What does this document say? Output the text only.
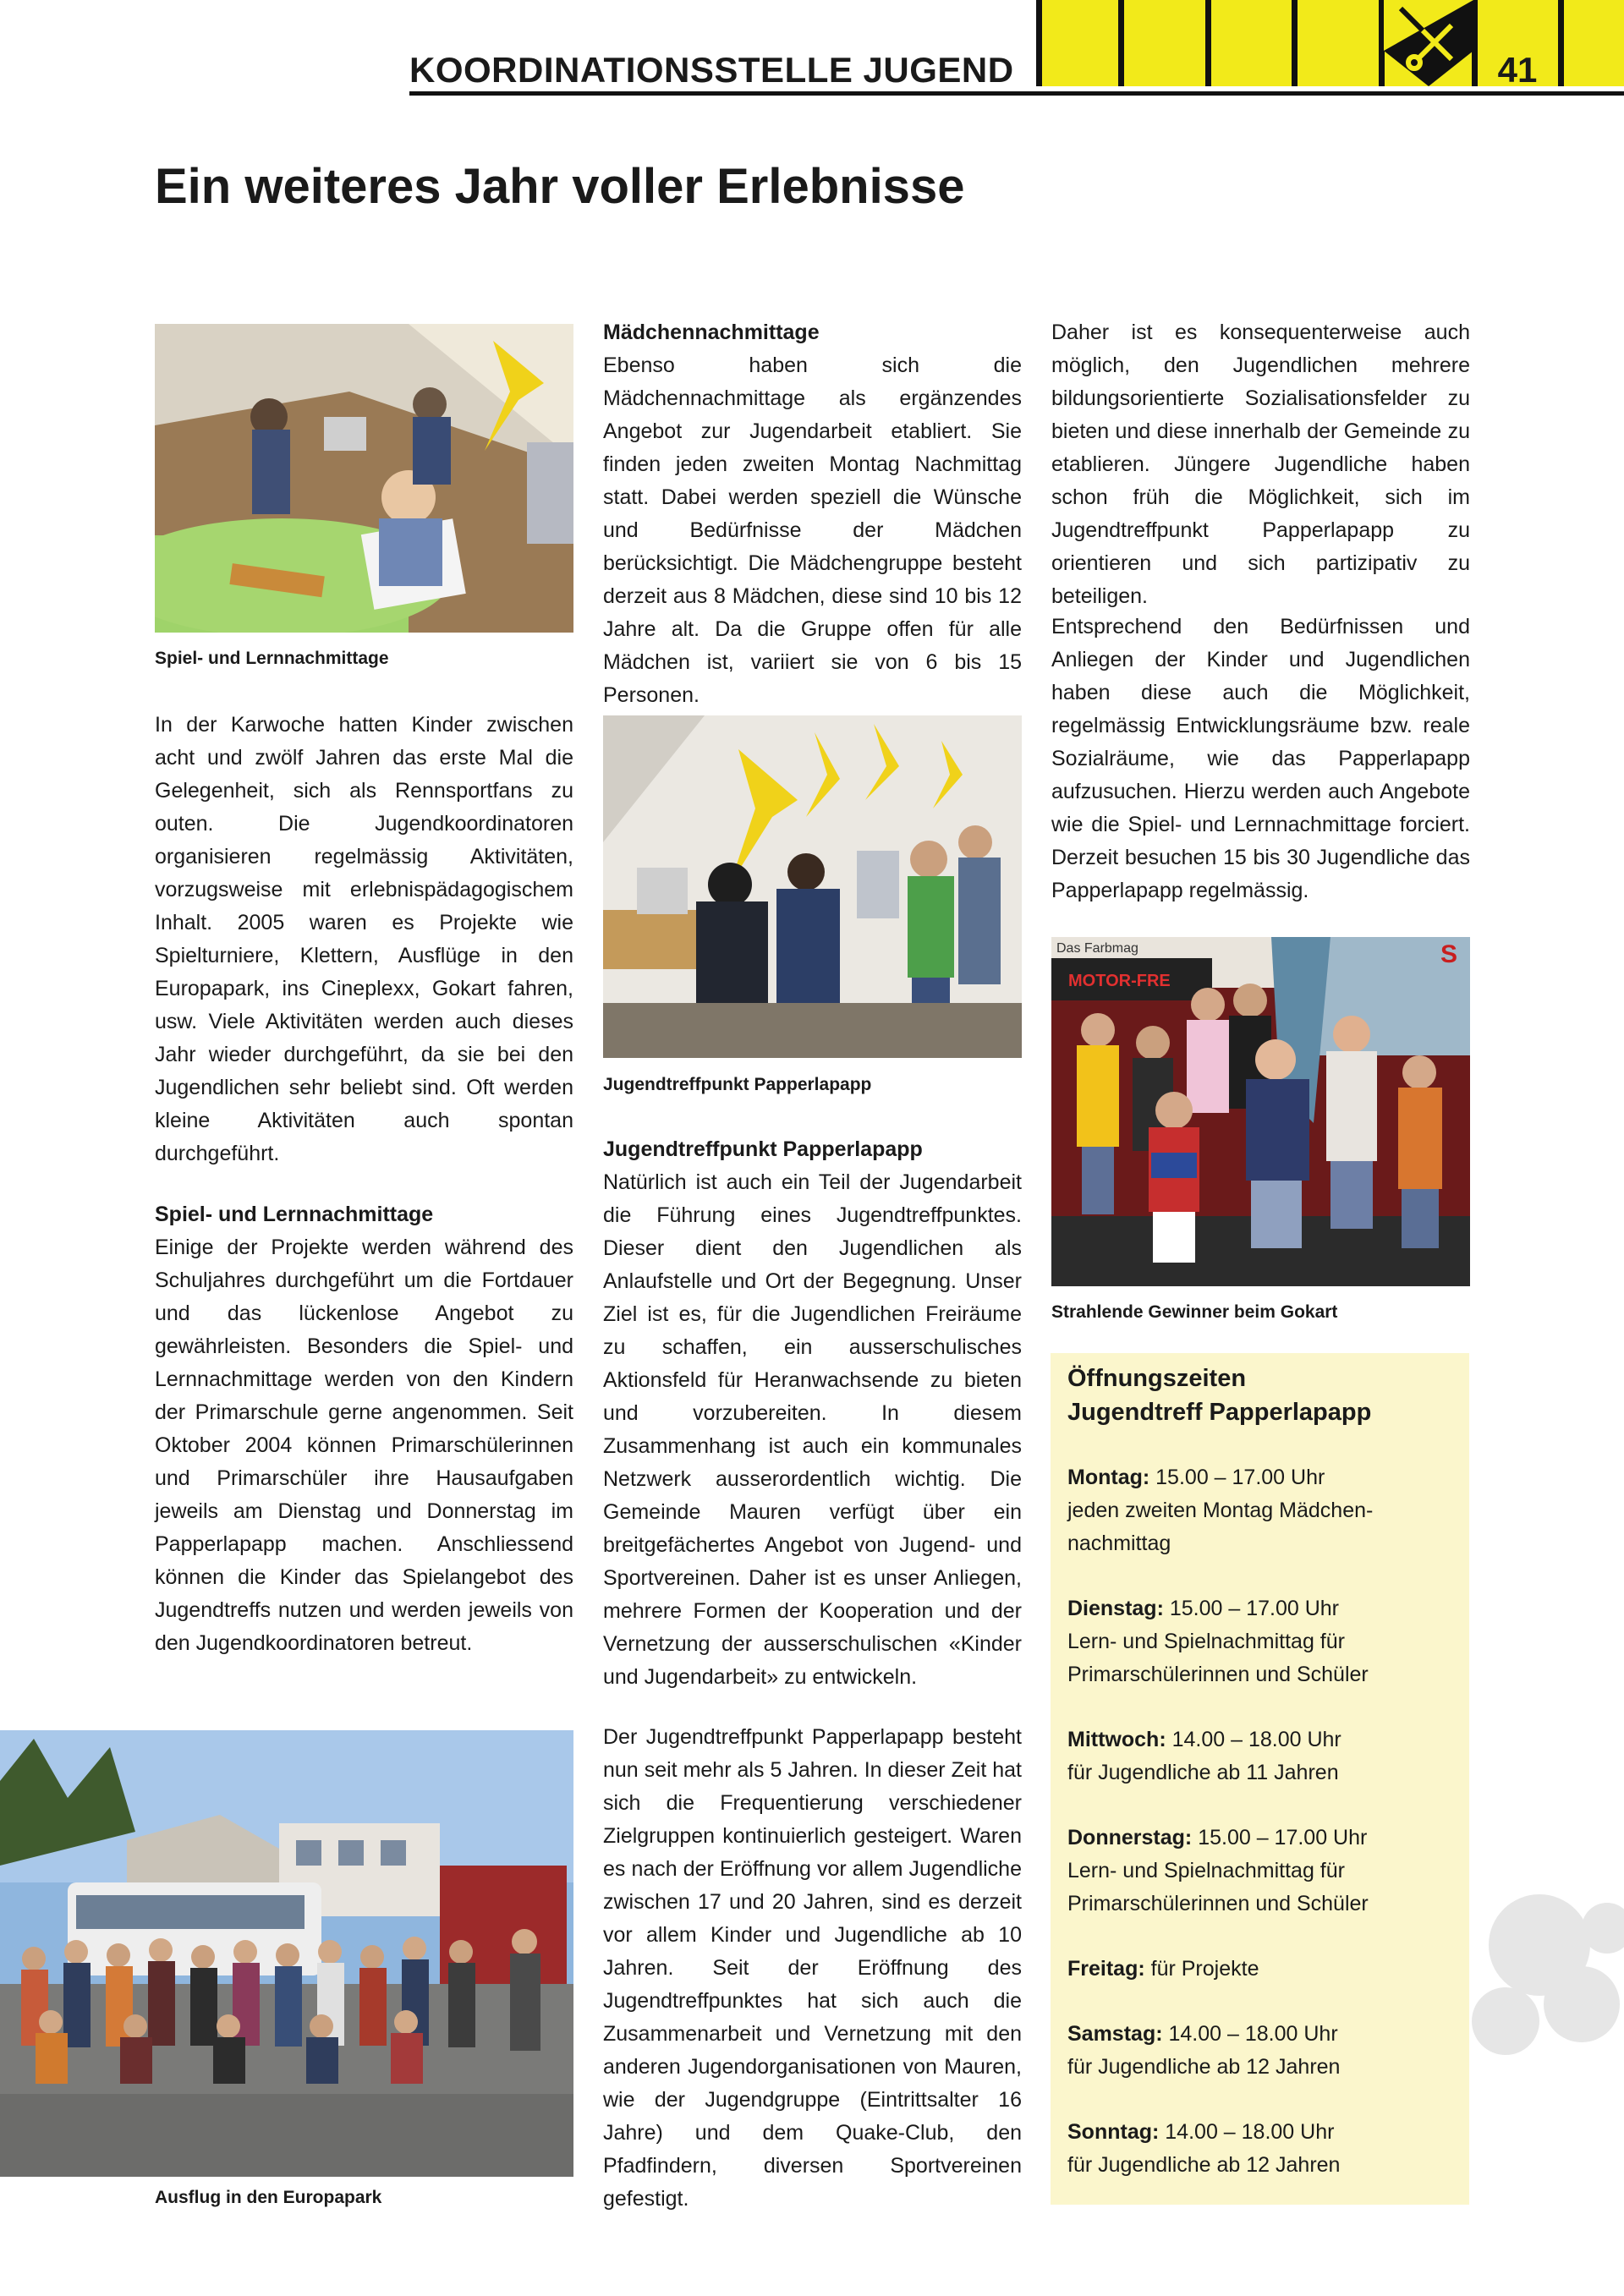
KOORDINATIONSSTELLE JUGEND	41
Ein weiteres Jahr voller Erlebnisse
Spiel- und Lernnachmittage
In der Karwoche hatten Kinder zwischen acht und zwölf Jahren das erste Mal die Gelegenheit, sich als Rennsportfans zu outen. Die Jugendkoordinatoren organisieren regelmässig Aktivitäten, vorzugsweise mit erlebnispädagogischem Inhalt. 2005 waren es Projekte wie Spielturniere, Klettern, Ausflüge in den Europapark, ins Cineplexx, Gokart fahren, usw. Viele Aktivitäten werden auch dieses Jahr wieder durchgeführt, da sie bei den Jugendlichen sehr beliebt sind. Oft werden kleine Aktivitäten auch spontan durchgeführt.
Spiel- und Lernnachmittage
Einige der Projekte werden während des Schuljahres durchgeführt um die Fortdauer und das lückenlose Angebot zu gewährleisten. Besonders die Spiel- und Lernnachmittage werden von den Kindern der Primarschule gerne angenommen. Seit Oktober 2004 können Primarschülerinnen und Primarschüler ihre Hausaufgaben jeweils am Dienstag und Donnerstag im Papperlapapp machen. Anschliessend können die Kinder das Spielangebot des Jugendtreffs nutzen und werden jeweils von den Jugendkoordinatoren betreut.
Ausflug in den Europapark
Mädchennachmittage
Ebenso haben sich die Mädchennachmittage als ergänzendes Angebot zur Jugendarbeit etabliert. Sie finden jeden zweiten Montag Nachmittag statt. Dabei werden speziell die Wünsche und Bedürfnisse der Mädchen berücksichtigt. Die Mädchengruppe besteht derzeit aus 8 Mädchen, diese sind 10 bis 12 Jahre alt. Da die Gruppe offen für alle Mädchen ist, variiert sie von 6 bis 15 Personen.
Jugendtreffpunkt Papperlapapp
Jugendtreffpunkt Papperlapapp
Natürlich ist auch ein Teil der Jugendarbeit die Führung eines Jugendtreffpunktes. Dieser dient den Jugendlichen als Anlaufstelle und Ort der Begegnung. Unser Ziel ist es, für die Jugendlichen Freiräume zu schaffen, ein ausserschulisches Aktionsfeld für Heranwachsende zu bieten und vorzubereiten. In diesem Zusammenhang ist auch ein kommunales Netzwerk ausserordentlich wichtig. Die Gemeinde Mauren verfügt über ein breitgefächertes Angebot von Jugend- und Sportvereinen. Daher ist es unser Anliegen, mehrere Formen der Kooperation und der Vernetzung der ausserschulischen «Kinder und Jugendarbeit» zu entwickeln.
Der Jugendtreffpunkt Papperlapapp besteht nun seit mehr als 5 Jahren. In dieser Zeit hat sich die Frequentierung verschiedener Zielgruppen kontinuierlich gesteigert. Waren es nach der Eröffnung vor allem Jugendliche zwischen 17 und 20 Jahren, sind es derzeit vor allem Kinder und Jugendliche ab 10 Jahren. Seit der Eröffnung des Jugendtreffpunktes hat sich auch die Zusammenarbeit und Vernetzung mit den anderen Jugendorganisationen von Mauren, wie der Jugendgruppe (Eintrittsalter 16 Jahre) und dem Quake-Club, den Pfadfindern, diversen Sportvereinen gefestigt.
Daher ist es konsequenterweise auch möglich, den Jugendlichen mehrere bildungsorientierte Sozialisationsfelder zu bieten und diese innerhalb der Gemeinde zu etablieren. Jüngere Jugendliche haben schon früh die Möglichkeit, sich im Jugendtreffpunkt Papperlapapp zu orientieren und sich partizipativ zu beteiligen.
Entsprechend den Bedürfnissen und Anliegen der Kinder und Jugendlichen haben diese auch die Möglichkeit, regelmässig Entwicklungsräume bzw. reale Sozialräume, wie das Papperlapapp aufzusuchen. Hierzu werden auch Angebote wie die Spiel- und Lernnachmittage forciert. Derzeit besuchen 15 bis 30 Jugendliche das Papperlapapp regelmässig.
Das Farbmag
MOTOR-FRE
S
Strahlende Gewinner beim Gokart
Öffnungszeiten
Jugendtreff Papperlapapp
Montag: 15.00 – 17.00 Uhr
jeden zweiten Montag Mädchennachmittag
Dienstag: 15.00 – 17.00 Uhr
Lern- und Spielnachmittag für Primarschülerinnen und Schüler
Mittwoch: 14.00 – 18.00 Uhr
für Jugendliche ab 11 Jahren
Donnerstag: 15.00 – 17.00 Uhr
Lern- und Spielnachmittag für Primarschülerinnen und Schüler
Freitag: für Projekte
Samstag: 14.00 – 18.00 Uhr
für Jugendliche ab 12 Jahren
Sonntag: 14.00 – 18.00 Uhr
für Jugendliche ab 12 Jahren
